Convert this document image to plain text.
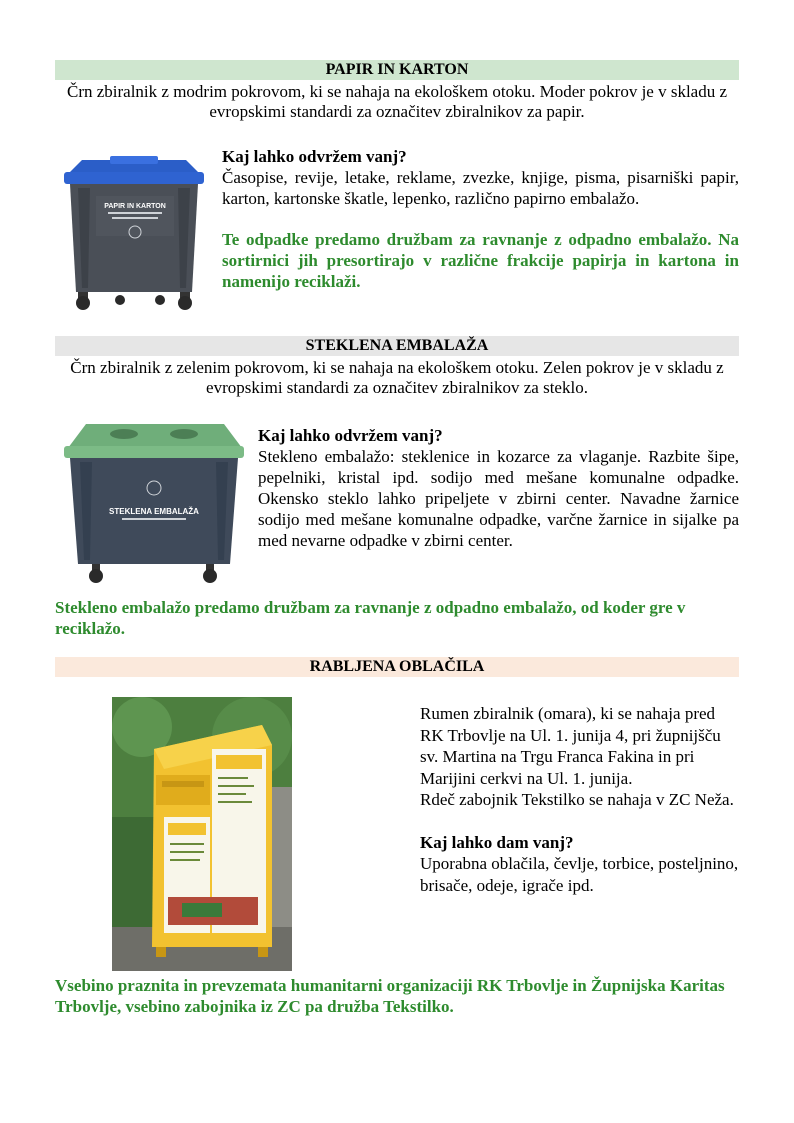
PAPIR IN KARTON
Črn zbiralnik z modrim pokrovom, ki se nahaja na ekološkem otoku. Moder pokrov je v skladu z evropskimi standardi za označitev zbiralnikov za papir.
PAPIR IN KARTON
Kaj lahko odvržem vanj?
Časopise, revije, letake, reklame, zvezke, knjige, pisma, pisarniški papir, karton, kartonske škatle, lepenko, različno papirno embalažo.
Te odpadke predamo družbam za ravnanje z odpadno embalažo. Na sortirnici jih presortirajo v različne frakcije papirja in kartona in namenijo reciklaži.
STEKLENA EMBALAŽA
Črn zbiralnik z zelenim pokrovom, ki se nahaja na ekološkem otoku. Zelen pokrov je v skladu z evropskimi standardi za označitev zbiralnikov za steklo.
STEKLENA EMBALAŽA
Kaj lahko odvržem vanj?
Stekleno embalažo: steklenice in kozarce za vlaganje. Razbite šipe, pepelniki, kristal ipd. sodijo med mešane komunalne odpadke. Okensko steklo lahko pripeljete v zbirni center. Navadne žarnice sodijo med mešane komunalne odpadke, varčne žarnice in sijalke pa med nevarne odpadke v zbirni center.
Stekleno embalažo predamo družbam za ravnanje z odpadno embalažo, od koder gre v reciklažo.
RABLJENA OBLAČILA
Rumen zbiralnik (omara), ki se nahaja pred RK Trbovlje na Ul. 1. junija 4, pri župnijšču sv. Martina na Trgu Franca Fakina in pri Marijini cerkvi na Ul. 1. junija.
Rdeč zabojnik Tekstilko se nahaja v ZC Neža.
Kaj lahko dam vanj?
Uporabna oblačila, čevlje, torbice, posteljnino, brisače, odeje, igrače ipd.
Vsebino praznita in prevzemata humanitarni organizaciji RK Trbovlje in Župnijska Karitas Trbovlje, vsebino zabojnika iz ZC pa družba Tekstilko.
